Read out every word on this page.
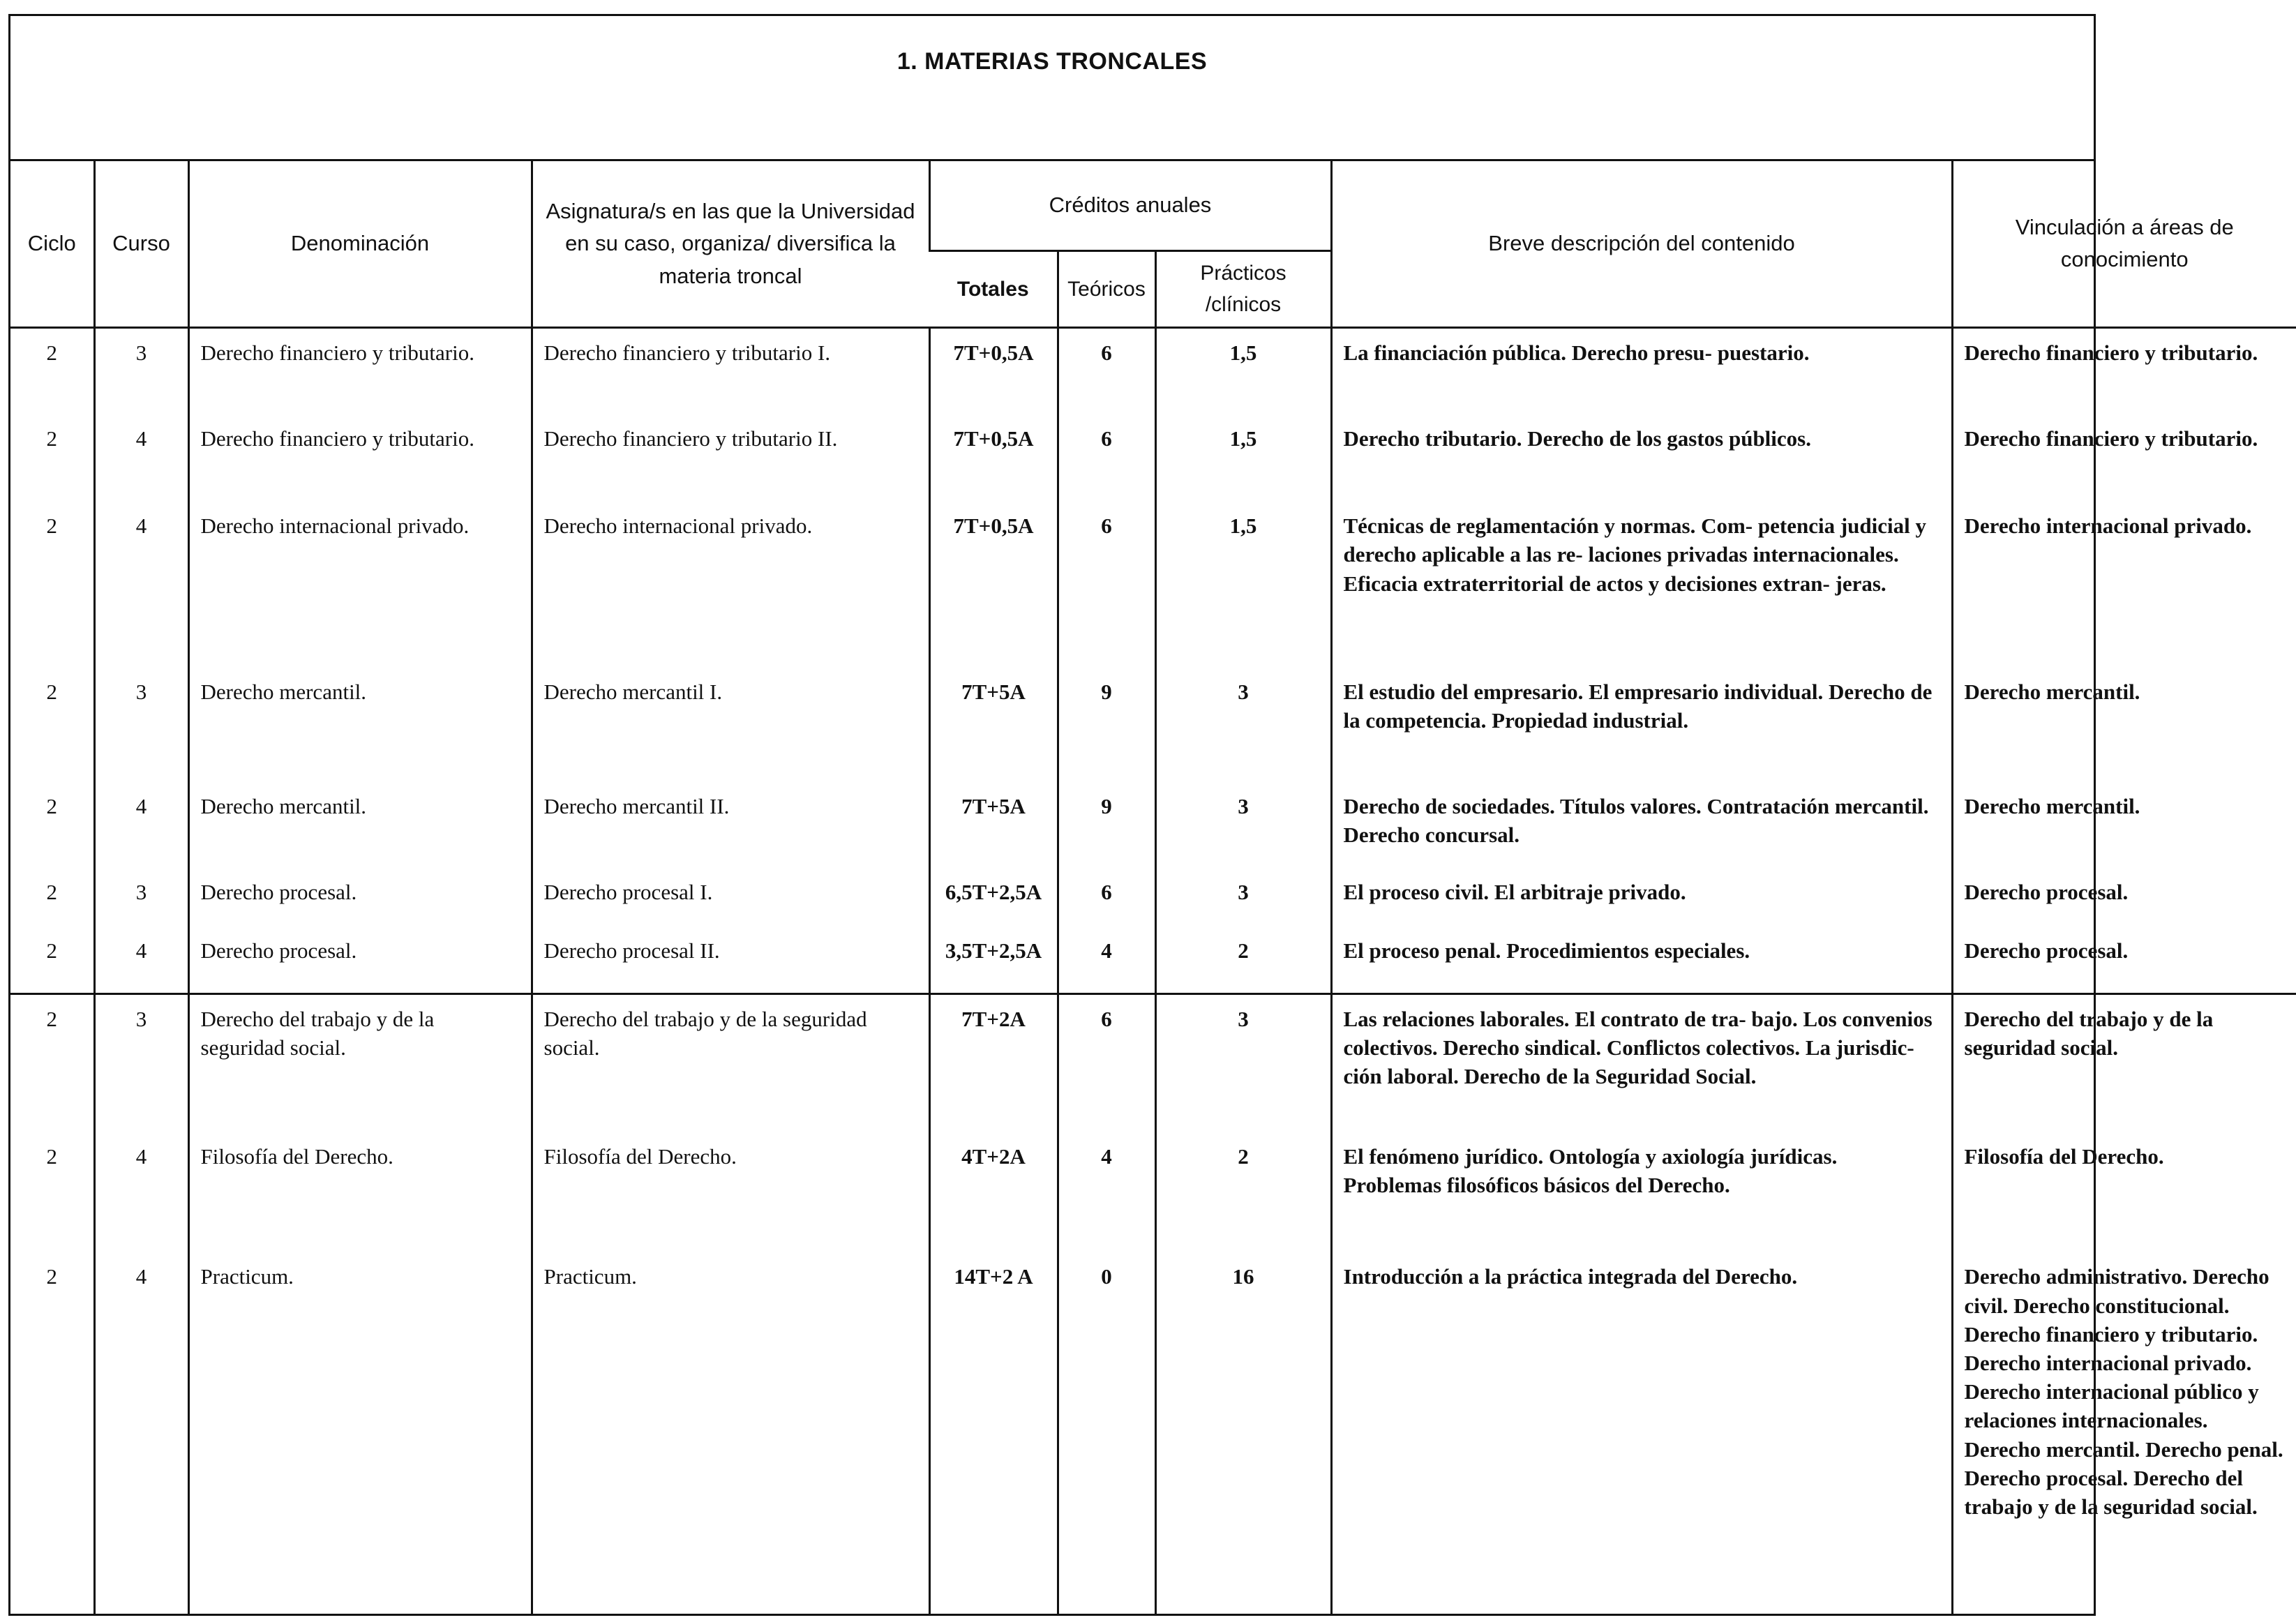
1. MATERIAS TRONCALES
Ciclo	Curso	Denominación	Asignatura/s en las que la Universidad en su caso, organiza/ diversifica la materia troncal	Créditos anuales			Breve descripción del contenido	Vinculación a áreas de conocimiento
				Totales	Teóricos	Prácticos /clínicos		

2	3	Derecho financiero y tributario.	Derecho financiero y tributario I.	7T+0,5A	6	1,5	La financiación pública. Derecho presu- puestario.	Derecho financiero y tributario.

2	4	Derecho financiero y tributario.	Derecho financiero y tributario II.	7T+0,5A	6	1,5	Derecho tributario. Derecho de los gastos públicos.	Derecho financiero y tributario.

2	4	Derecho internacional privado.	Derecho internacional privado.	7T+0,5A	6	1,5	Técnicas de reglamentación y normas. Com- petencia judicial y derecho aplicable a las re- laciones privadas internacionales. Eficacia extraterritorial de actos y decisiones extran- jeras.	Derecho internacional privado.

2	3	Derecho mercantil.	Derecho mercantil I.	7T+5A	9	3	El estudio del empresario. El empresario individual. Derecho de la competencia. Propiedad industrial.	Derecho mercantil.

2	4	Derecho mercantil.	Derecho mercantil II.	7T+5A	9	3	Derecho de sociedades. Títulos valores. Contratación mercantil. Derecho concursal.	Derecho mercantil.

2	3	Derecho procesal.	Derecho procesal I.	6,5T+2,5A	6	3	El proceso civil. El arbitraje privado.	Derecho procesal.

2	4	Derecho procesal.	Derecho procesal II.	3,5T+2,5A	4	2	El proceso penal. Procedimientos especiales.	Derecho procesal.

2	3	Derecho del trabajo y de la seguridad social.	Derecho del trabajo y de la seguridad social.	7T+2A	6	3	Las relaciones laborales. El contrato de tra- bajo. Los convenios colectivos. Derecho sindical. Conflictos colectivos. La jurisdic- ción laboral. Derecho de la Seguridad Social.	Derecho del trabajo y de la seguridad social.

2	4	Filosofía del Derecho.	Filosofía del Derecho.	4T+2A	4	2	El fenómeno jurídico. Ontología y axiología jurídicas. Problemas filosóficos básicos del Derecho.	Filosofía del Derecho.

2	4	Practicum.	Practicum.	14T+2 A	0	16	Introducción a la práctica integrada del Derecho.	Derecho administrativo. Derecho civil. Derecho constitucional. Derecho financiero y tributario. Derecho internacional privado. Derecho internacional público y relaciones internacionales. Derecho mercantil. Derecho penal. Derecho procesal. Derecho del trabajo y de la seguridad social.
